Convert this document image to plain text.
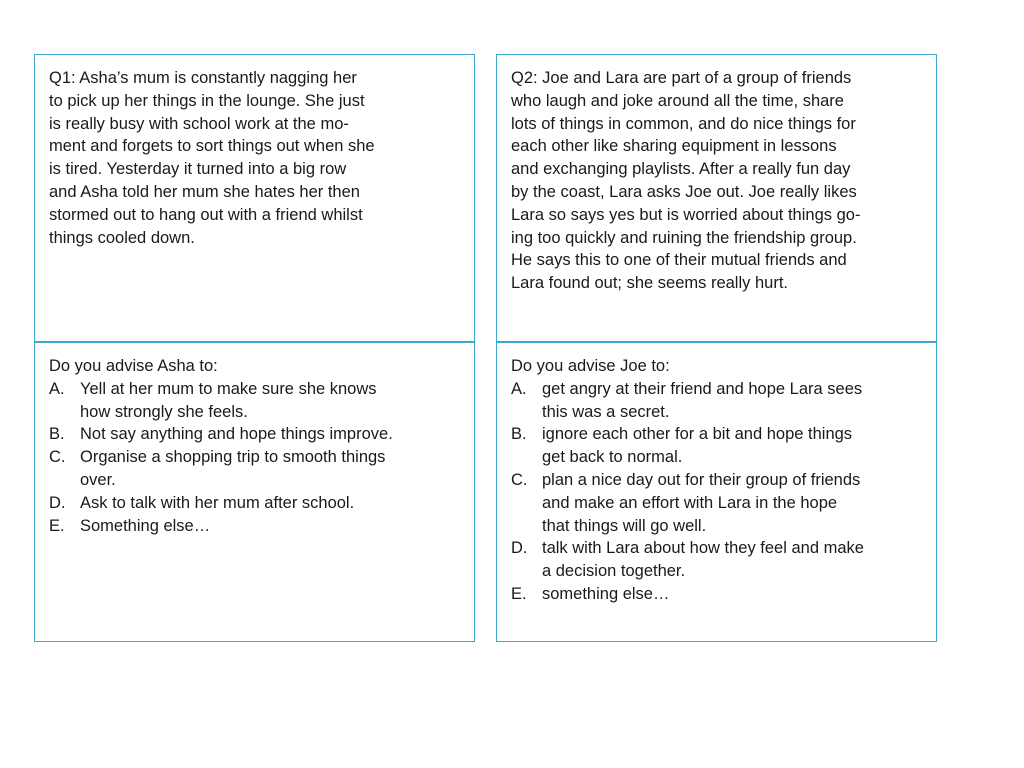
Q1: Asha’s mum is constantly nagging her
to pick up her things in the lounge. She just
is really busy with school work at the mo-
ment and forgets to sort things out when she
is tired. Yesterday it turned into a big row
and Asha told her mum she hates her then
stormed out to hang out with a friend whilst
things cooled down.

Do you advise Asha to:

A. Yell at her mum to make sure she knows
how strongly she feels.
B. Not say anything and hope things improve.
C. Organise a shopping trip to smooth things
over.
D. Ask to talk with her mum after school.
E. Something else…

Q2: Joe and Lara are part of a group of friends
who laugh and joke around all the time, share
lots of things in common, and do nice things for
each other like sharing equipment in lessons
and exchanging playlists. After a really fun day
by the coast, Lara asks Joe out. Joe really likes
Lara so says yes but is worried about things go-
ing too quickly and ruining the friendship group.
He says this to one of their mutual friends and
Lara found out; she seems really hurt.

Do you advise Joe to:

A. get angry at their friend and hope Lara sees
this was a secret.
B. ignore each other for a bit and hope things
get back to normal.
C. plan a nice day out for their group of friends
and make an effort with Lara in the hope
that things will go well.
D. talk with Lara about how they feel and make
a decision together.
E. something else…
